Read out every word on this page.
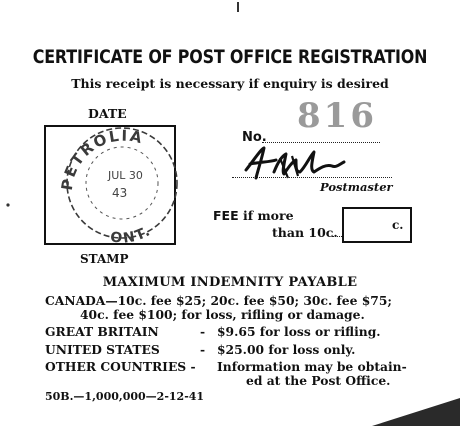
CERTIFICATE OF POST OFFICE REGISTRATION
This receipt is necessary if enquiry is desired
DATE
PETROLIA
ONT.
JUL 30
43
STAMP
816
No.
Postmaster
FEE if more
than 10c.	c.
MAXIMUM INDEMNITY PAYABLE
CANADA—10c. fee $25; 20c. fee $50; 30c. fee $75;
40c. fee $100; for loss, rifling or damage.
GREAT BRITAIN	- $9.65 for loss or rifling.
UNITED STATES	- $25.00 for loss only.
OTHER COUNTRIES - Information may be obtain-
ed at the Post Office.
50B.—1,000,000—2-12-41
